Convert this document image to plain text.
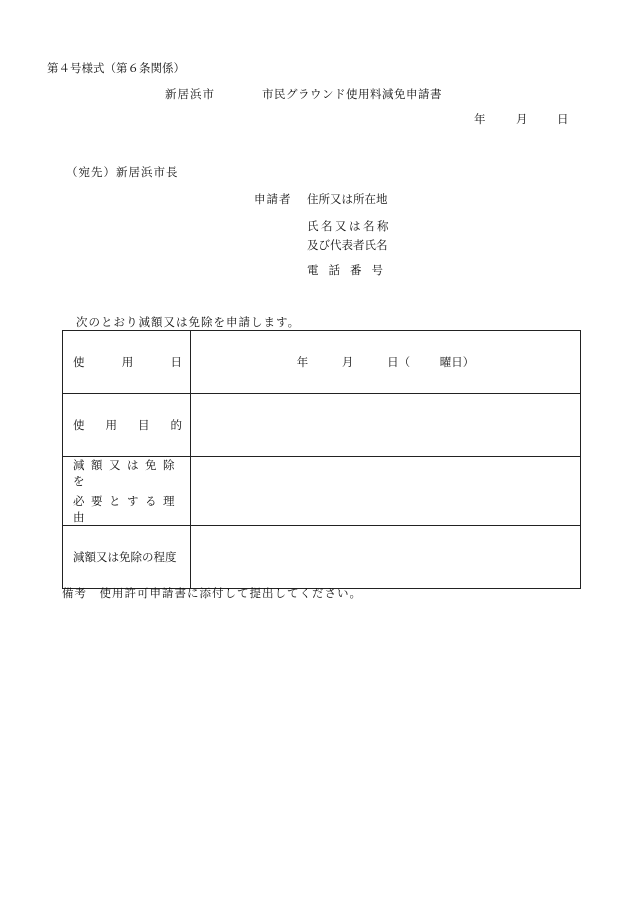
第４号様式（第６条関係）
新居浜市	市民グラウンド使用料減免申請書
年	月	日
（宛先）新居浜市長
申請者 住所又は所在地
氏名又は名称
及び代表者氏名
電話番号
次のとおり減額又は免除を申請します。
使 用 日	年 月 日（ 曜日）

使 用 目 的	

減額又は免除を
必要とする理由	

減額又は免除の程度	
備考　使用許可申請書に添付して提出してください。
